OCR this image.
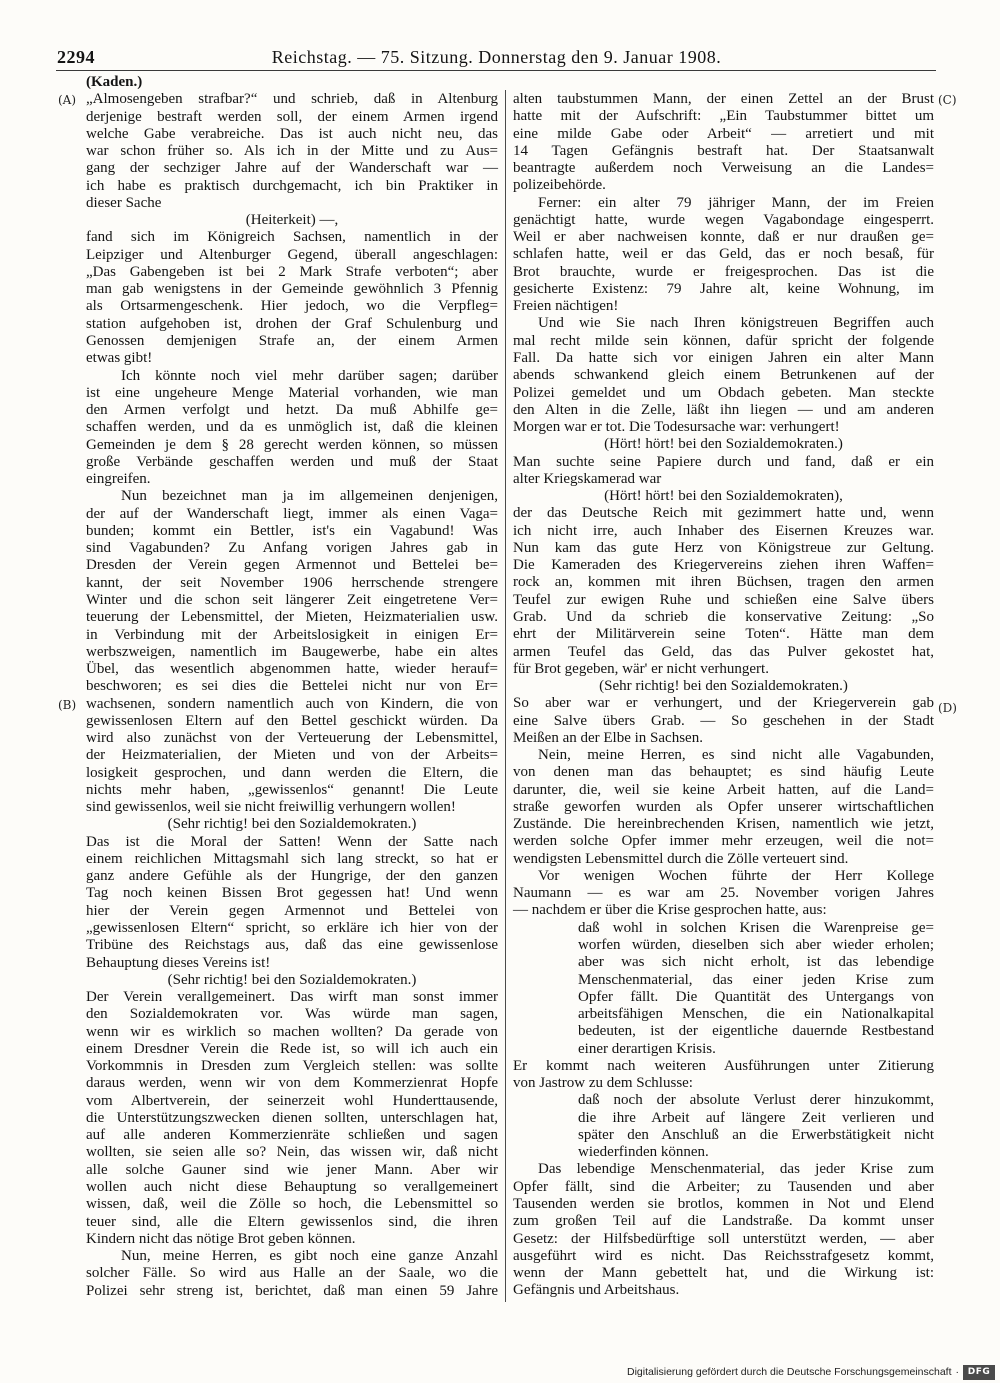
2294	Reichstag. — 75. Sitzung. Donnerstag den 9. Januar 1908.
(A)
(B)
(C)
(D)
(Kaden.)
„Almosengeben strafbar?“ und schrieb, daß in Altenburg
derjenige bestraft werden soll, der einem Armen irgend
welche Gabe verabreiche. Das ist auch nicht neu, das
war schon früher so. Als ich in der Mitte und zu Aus=
gang der sechziger Jahre auf der Wanderschaft war —
ich habe es praktisch durchgemacht, ich bin Praktiker in
dieser Sache
(Heiterkeit) —,
fand sich im Königreich Sachsen, namentlich in der
Leipziger und Altenburger Gegend, überall angeschlagen:
„Das Gabengeben ist bei 2 Mark Strafe verboten“; aber
man gab wenigstens in der Gemeinde gewöhnlich 3 Pfennig
als Ortsarmengeschenk. Hier jedoch, wo die Verpfleg=
station aufgehoben ist, drohen der Graf Schulenburg und
Genossen demjenigen Strafe an, der einem Armen
etwas gibt!
Ich könnte noch viel mehr darüber sagen; darüber
ist eine ungeheure Menge Material vorhanden, wie man
den Armen verfolgt und hetzt. Da muß Abhilfe ge=
schaffen werden, und da es unmöglich ist, daß die kleinen
Gemeinden je dem § 28 gerecht werden können, so müssen
große Verbände geschaffen werden und muß der Staat
eingreifen.
Nun bezeichnet man ja im allgemeinen denjenigen,
der auf der Wanderschaft liegt, immer als einen Vaga=
bunden; kommt ein Bettler, ist's ein Vagabund! Was
sind Vagabunden? Zu Anfang vorigen Jahres gab in
Dresden der Verein gegen Armennot und Bettelei be=
kannt, der seit November 1906 herrschende strengere
Winter und die schon seit längerer Zeit eingetretene Ver=
teuerung der Lebensmittel, der Mieten, Heizmaterialien usw.
in Verbindung mit der Arbeitslosigkeit in einigen Er=
werbszweigen, namentlich im Baugewerbe, habe ein altes
Übel, das wesentlich abgenommen hatte, wieder herauf=
beschworen; es sei dies die Bettelei nicht nur von Er=
wachsenen, sondern namentlich auch von Kindern, die von
gewissenlosen Eltern auf den Bettel geschickt würden. Da
wird also zunächst von der Verteuerung der Lebensmittel,
der Heizmaterialien, der Mieten und von der Arbeits=
losigkeit gesprochen, und dann werden die Eltern, die
nichts mehr haben, „gewissenlos“ genannt! Die Leute
sind gewissenlos, weil sie nicht freiwillig verhungern wollen!
(Sehr richtig! bei den Sozialdemokraten.)
Das ist die Moral der Satten! Wenn der Satte nach
einem reichlichen Mittagsmahl sich lang streckt, so hat er
ganz andere Gefühle als der Hungrige, der den ganzen
Tag noch keinen Bissen Brot gegessen hat! Und wenn
hier der Verein gegen Armennot und Bettelei von
„gewissenlosen Eltern“ spricht, so erkläre ich hier von der
Tribüne des Reichstags aus, daß das eine gewissenlose
Behauptung dieses Vereins ist!
(Sehr richtig! bei den Sozialdemokraten.)
Der Verein verallgemeinert. Das wirft man sonst immer
den Sozialdemokraten vor. Was würde man sagen,
wenn wir es wirklich so machen wollten? Da gerade von
einem Dresdner Verein die Rede ist, so will ich auch ein
Vorkommnis in Dresden zum Vergleich stellen: was sollte
daraus werden, wenn wir von dem Kommerzienrat Hopfe
vom Albertverein, der seinerzeit wohl Hunderttausende,
die Unterstützungszwecken dienen sollten, unterschlagen hat,
auf alle anderen Kommerzienräte schließen und sagen
wollten, sie seien alle so? Nein, das wissen wir, daß nicht
alle solche Gauner sind wie jener Mann. Aber wir
wollen auch nicht diese Behauptung so verallgemeinert
wissen, daß, weil die Zölle so hoch, die Lebensmittel so
teuer sind, alle die Eltern gewissenlos sind, die ihren
Kindern nicht das nötige Brot geben können.
Nun, meine Herren, es gibt noch eine ganze Anzahl
solcher Fälle. So wird aus Halle an der Saale, wo die
Polizei sehr streng ist, berichtet, daß man einen 59 Jahre
alten taubstummen Mann, der einen Zettel an der Brust
hatte mit der Aufschrift: „Ein Taubstummer bittet um
eine milde Gabe oder Arbeit“ — arretiert und mit
14 Tagen Gefängnis bestraft hat. Der Staatsanwalt
beantragte außerdem noch Verweisung an die Landes=
polizeibehörde.
Ferner: ein alter 79 jähriger Mann, der im Freien
genächtigt hatte, wurde wegen Vagabondage eingesperrt.
Weil er aber nachweisen konnte, daß er nur draußen ge=
schlafen hatte, weil er das Geld, das er noch besaß, für
Brot brauchte, wurde er freigesprochen. Das ist die
gesicherte Existenz: 79 Jahre alt, keine Wohnung, im
Freien nächtigen!
Und wie Sie nach Ihren königstreuen Begriffen auch
mal recht milde sein können, dafür spricht der folgende
Fall. Da hatte sich vor einigen Jahren ein alter Mann
abends schwankend gleich einem Betrunkenen auf der
Polizei gemeldet und um Obdach gebeten. Man steckte
den Alten in die Zelle, läßt ihn liegen — und am anderen
Morgen war er tot. Die Todesursache war: verhungert!
(Hört! hört! bei den Sozialdemokraten.)
Man suchte seine Papiere durch und fand, daß er ein
alter Kriegskamerad war
(Hört! hört! bei den Sozialdemokraten),
der das Deutsche Reich mit gezimmert hatte und, wenn
ich nicht irre, auch Inhaber des Eisernen Kreuzes war.
Nun kam das gute Herz von Königstreue zur Geltung.
Die Kameraden des Kriegervereins ziehen ihren Waffen=
rock an, kommen mit ihren Büchsen, tragen den armen
Teufel zur ewigen Ruhe und schießen eine Salve übers
Grab. Und da schrieb die konservative Zeitung: „So
ehrt der Militärverein seine Toten“. Hätte man dem
armen Teufel das Geld, das das Pulver gekostet hat,
für Brot gegeben, wär' er nicht verhungert.
(Sehr richtig! bei den Sozialdemokraten.)
So aber war er verhungert, und der Kriegerverein gab
eine Salve übers Grab. — So geschehen in der Stadt
Meißen an der Elbe in Sachsen.
Nein, meine Herren, es sind nicht alle Vagabunden,
von denen man das behauptet; es sind häufig Leute
darunter, die, weil sie keine Arbeit hatten, auf die Land=
straße geworfen wurden als Opfer unserer wirtschaftlichen
Zustände. Die hereinbrechenden Krisen, namentlich wie jetzt,
werden solche Opfer immer mehr erzeugen, weil die not=
wendigsten Lebensmittel durch die Zölle verteuert sind.
Vor wenigen Wochen führte der Herr Kollege
Naumann — es war am 25. November vorigen Jahres
— nachdem er über die Krise gesprochen hatte, aus:
daß wohl in solchen Krisen die Warenpreise ge=
worfen würden, dieselben sich aber wieder erholen;
aber was sich nicht erholt, ist das lebendige
Menschenmaterial, das einer jeden Krise zum
Opfer fällt. Die Quantität des Untergangs von
arbeitsfähigen Menschen, die ein Nationalkapital
bedeuten, ist der eigentliche dauernde Restbestand
einer derartigen Krisis.
Er kommt nach weiteren Ausführungen unter Zitierung
von Jastrow zu dem Schlusse:
daß noch der absolute Verlust derer hinzukommt,
die ihre Arbeit auf längere Zeit verlieren und
später den Anschluß an die Erwerbstätigkeit nicht
wiederfinden können.
Das lebendige Menschenmaterial, das jeder Krise zum
Opfer fällt, sind die Arbeiter; zu Tausenden und aber
Tausenden werden sie brotlos, kommen in Not und Elend
zum großen Teil auf die Landstraße. Da kommt unser
Gesetz: der Hilfsbedürftige soll unterstützt werden, — aber
ausgeführt wird es nicht. Das Reichsstrafgesetz kommt,
wenn der Mann gebettelt hat, und die Wirkung ist:
Gefängnis und Arbeitshaus.
Digitalisierung gefördert durch die Deutsche Forschungsgemeinschaft · DFG
